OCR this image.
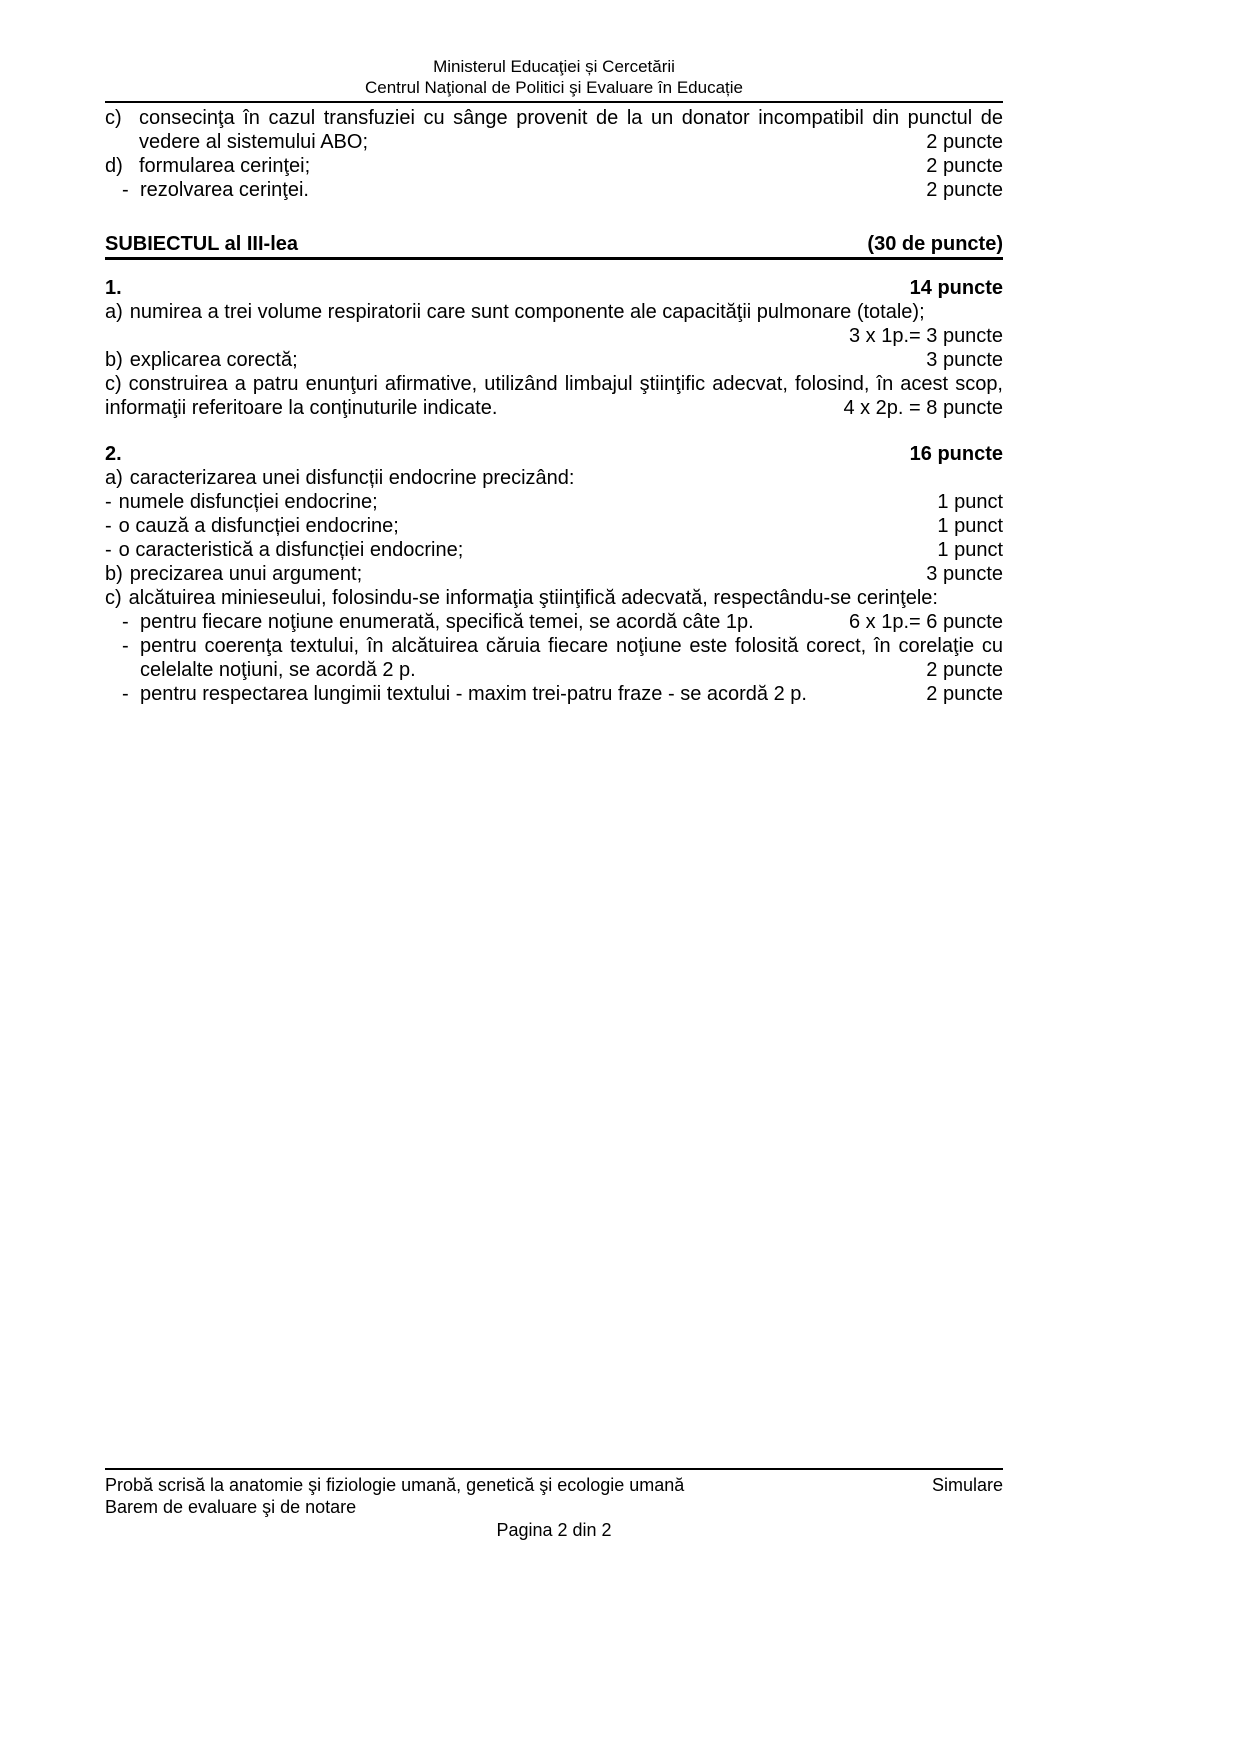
Ministerul Educaţiei și Cercetării
Centrul Naţional de Politici şi Evaluare în Educație
c) consecinţa în cazul transfuziei cu sânge provenit de la un donator incompatibil din punctul de vedere al sistemului ABO;	2 puncte
d) formularea cerinţei;	2 puncte
- rezolvarea cerinţei.	2 puncte
SUBIECTUL al III-lea	(30 de puncte)
1.	14 puncte
a) numirea a trei volume respiratorii care sunt componente ale capacităţii pulmonare (totale);
3 x 1p.= 3 puncte
b) explicarea corectă;	3 puncte
c) construirea a patru enunţuri afirmative, utilizând limbajul ştiinţific adecvat, folosind, în acest scop, informaţii referitoare la conţinuturile indicate.	4 x 2p. = 8 puncte
2.	16 puncte
a) caracterizarea unei disfuncții endocrine precizând:
- numele disfuncției endocrine;	1 punct
- o cauză a disfuncției endocrine;	1 punct
- o caracteristică a disfuncției endocrine;	1 punct
b) precizarea unui argument;	3 puncte
c) alcătuirea minieseului, folosindu-se informaţia ştiinţifică adecvată, respectându-se cerinţele:
- pentru fiecare noţiune enumerată, specifică temei, se acordă câte 1p.	6 x 1p.= 6 puncte
- pentru coerenţa textului, în alcătuirea căruia fiecare noţiune este folosită corect, în corelaţie cu celelalte noţiuni, se acordă 2 p.	2 puncte
- pentru respectarea lungimii textului - maxim trei-patru fraze - se acordă 2 p.	2 puncte
Probă scrisă la anatomie şi fiziologie umană, genetică şi ecologie umană	Simulare
Barem de evaluare şi de notare
Pagina 2 din 2
